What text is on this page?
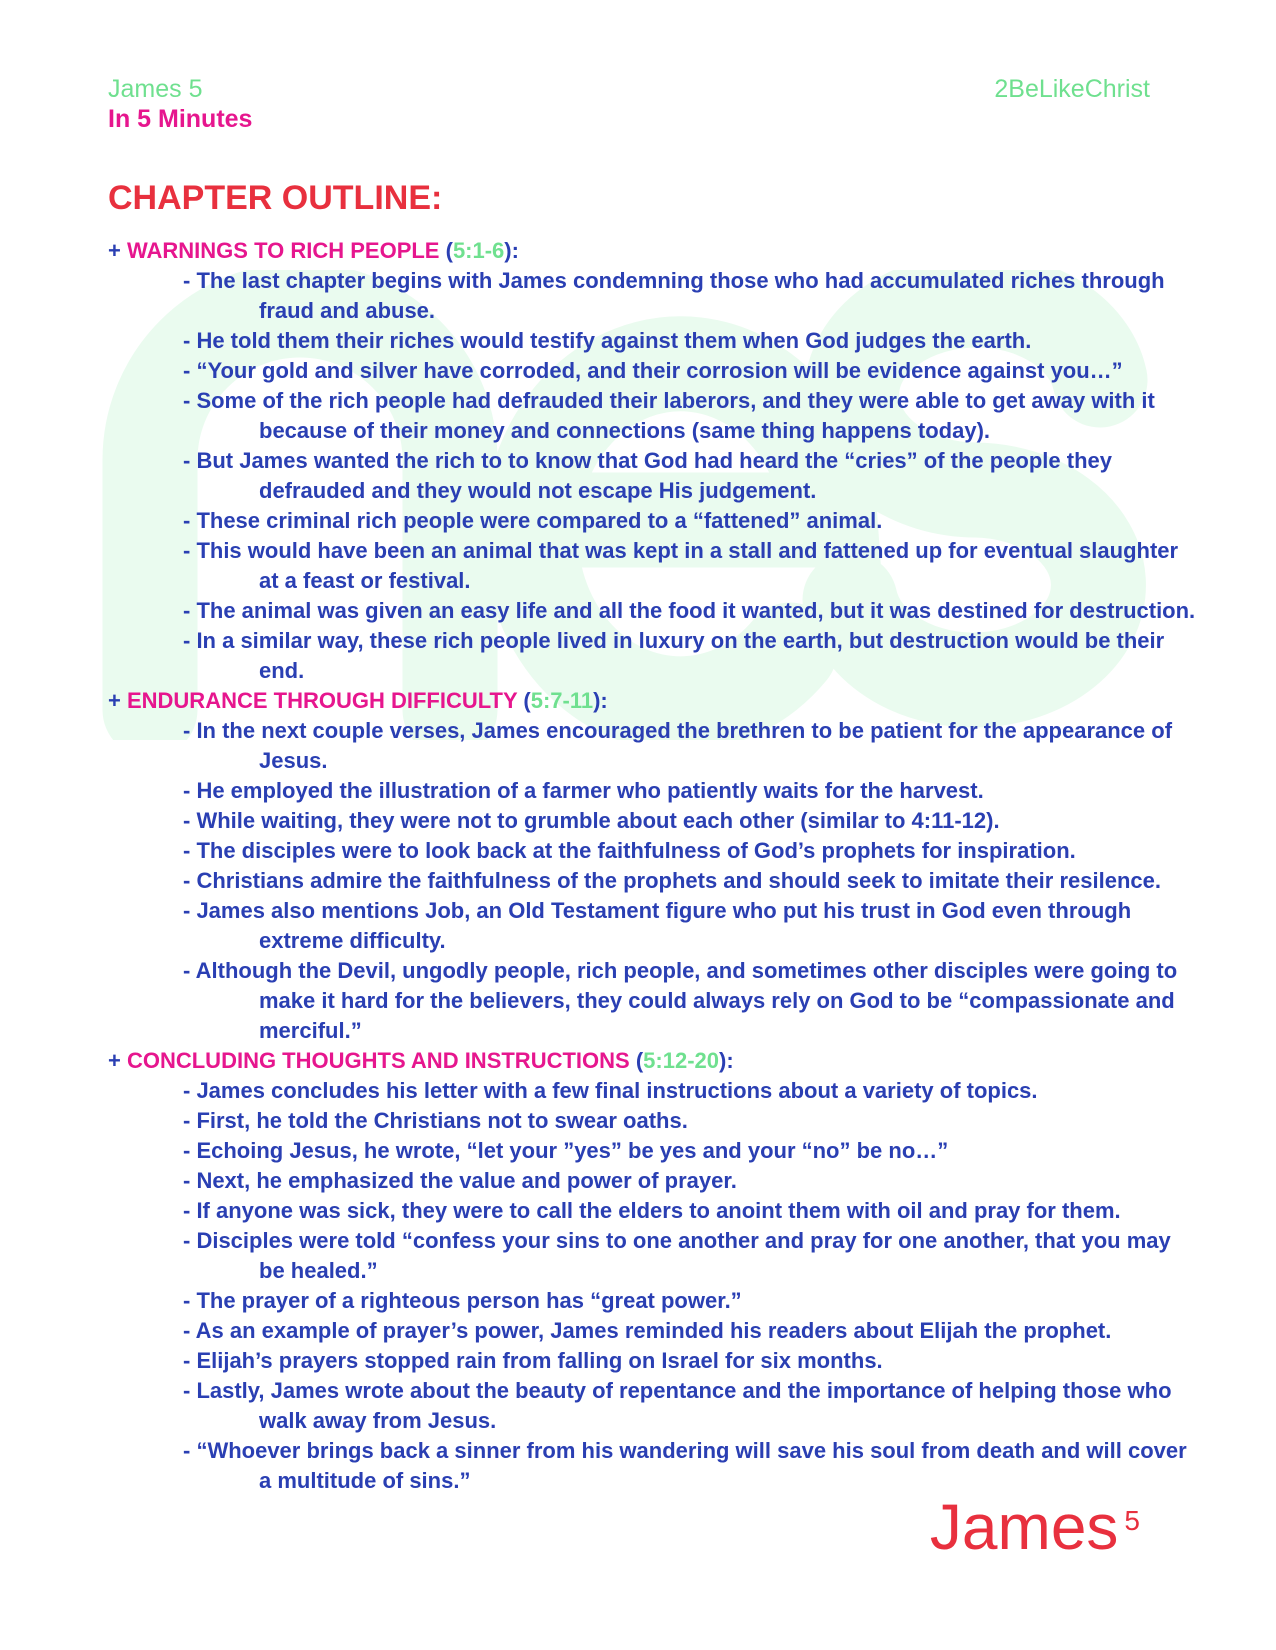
James 5
In 5 Minutes
2BeLikeChrist
CHAPTER OUTLINE:
+ WARNINGS TO RICH PEOPLE (5:1-6):
- The last chapter begins with James condemning those who had accumulated riches through fraud and abuse.
- He told them their riches would testify against them when God judges the earth.
- “Your gold and silver have corroded, and their corrosion will be evidence against you…”
- Some of the rich people had defrauded their laberors, and they were able to get away with it because of their money and connections (same thing happens today).
- But James wanted the rich to to know that God had heard the “cries” of the people they defrauded and they would not escape His judgement.
- These criminal rich people were compared to a “fattened” animal.
- This would have been an animal that was kept in a stall and fattened up for eventual slaughter at a feast or festival.
- The animal was given an easy life and all the food it wanted, but it was destined for destruction.
- In a similar way, these rich people lived in luxury on the earth, but destruction would be their end.
+ ENDURANCE THROUGH DIFFICULTY (5:7-11):
- In the next couple verses, James encouraged the brethren to be patient for the appearance of Jesus.
- He employed the illustration of a farmer who patiently waits for the harvest.
- While waiting, they were not to grumble about each other (similar to 4:11-12).
- The disciples were to look back at the faithfulness of God’s prophets for inspiration.
- Christians admire the faithfulness of the prophets and should seek to imitate their resilence.
- James also mentions Job, an Old Testament figure who put his trust in God even through extreme difficulty.
- Although the Devil, ungodly people, rich people, and sometimes other disciples were going to make it hard for the believers, they could always rely on God to be “compassionate and merciful.”
+ CONCLUDING THOUGHTS AND INSTRUCTIONS (5:12-20):
- James concludes his letter with a few final instructions about a variety of topics.
- First, he told the Christians not to swear oaths.
- Echoing Jesus, he wrote, “let your ”yes” be yes and your “no” be no…”
- Next, he emphasized the value and power of prayer.
- If anyone was sick, they were to call the elders to anoint them with oil and pray for them.
- Disciples were told “confess your sins to one another and pray for one another, that you may be healed.”
- The prayer of a righteous person has “great power.”
- As an example of prayer’s power, James reminded his readers about Elijah the prophet.
- Elijah’s prayers stopped rain from falling on Israel for six months.
- Lastly, James wrote about the beauty of repentance and the importance of helping those who walk away from Jesus.
- “Whoever brings back a sinner from his wandering will save his soul from death and will cover a multitude of sins.”
James $^5$
